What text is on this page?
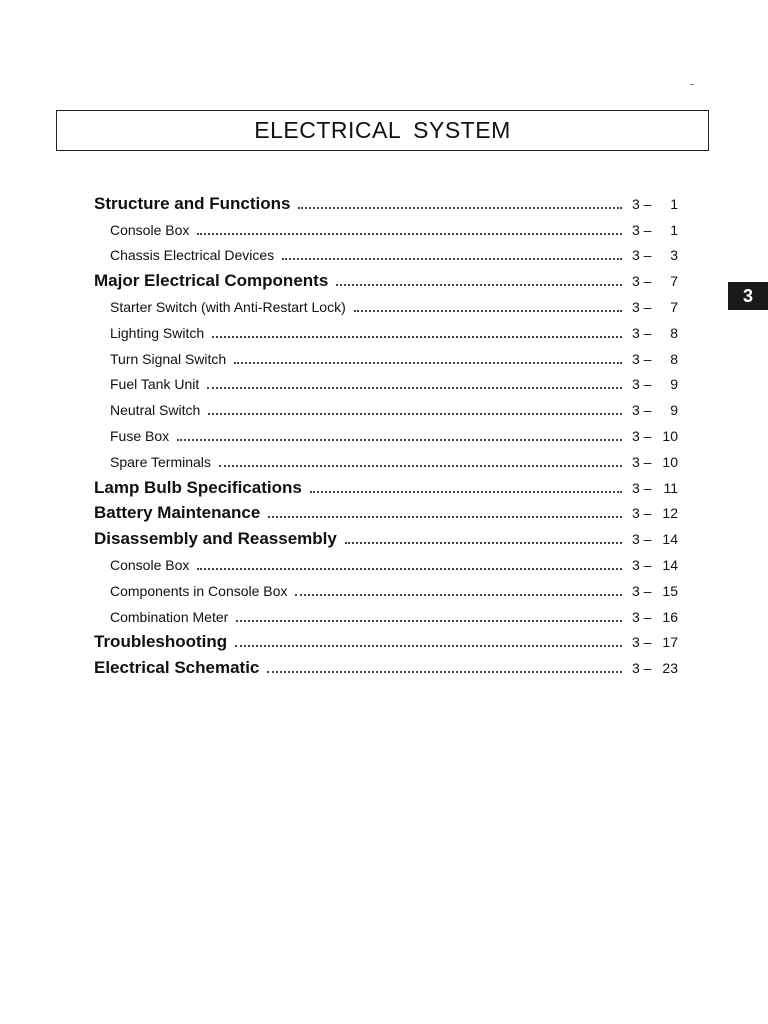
ELECTRICAL SYSTEM
Structure and Functions	3 –	1
Console Box	3 –	1
Chassis Electrical Devices	3 –	3
Major Electrical Components	3 –	7
Starter Switch (with Anti-Restart Lock)	3 –	7
Lighting Switch	3 –	8
Turn Signal Switch	3 –	8
Fuel Tank Unit	3 –	9
Neutral Switch	3 –	9
Fuse Box	3 – 10
Spare Terminals	3 – 10
Lamp Bulb Specifications	3 – 11
Battery Maintenance	3 – 12
Disassembly and Reassembly	3 – 14
Console Box	3 – 14
Components in Console Box	3 – 15
Combination Meter	3 – 16
Troubleshooting	3 – 17
Electrical Schematic	3 – 23
3
